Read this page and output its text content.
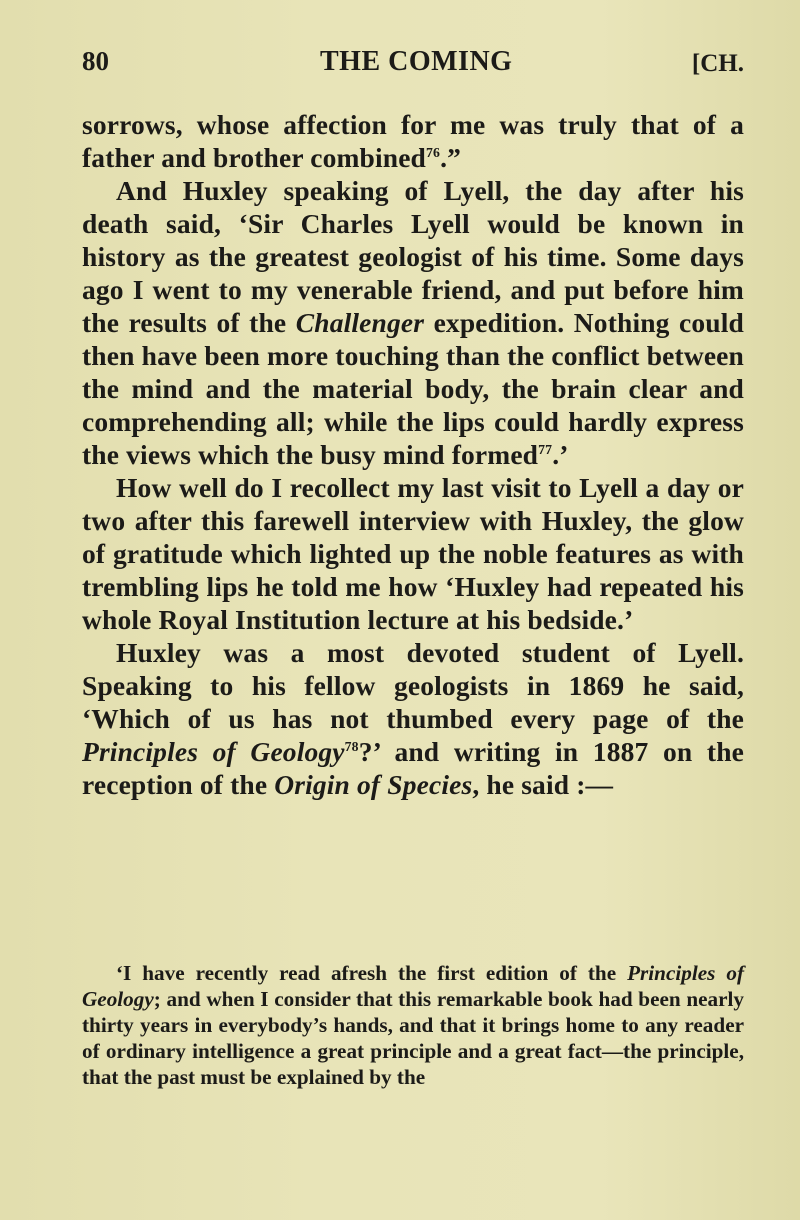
80	THE COMING	[CH.

sorrows, whose affection for me was truly that of a father and brother combined$^{76}$.”

And Huxley speaking of Lyell, the day after his death said, ‘Sir Charles Lyell would be known in history as the greatest geologist of his time. Some days ago I went to my venerable friend, and put before him the results of the Challenger expedition. Nothing could then have been more touching than the conflict between the mind and the material body, the brain clear and comprehending all; while the lips could hardly express the views which the busy mind formed$^{77}$.’

How well do I recollect my last visit to Lyell a day or two after this farewell interview with Huxley, the glow of gratitude which lighted up the noble features as with trembling lips he told me how ‘Huxley had repeated his whole Royal Institution lecture at his bedside.’

Huxley was a most devoted student of Lyell. Speaking to his fellow geologists in 1869 he said, ‘Which of us has not thumbed every page of the Principles of Geology$^{78}$?’ and writing in 1887 on the reception of the Origin of Species, he said :—

‘I have recently read afresh the first edition of the Principles of Geology; and when I consider that this remarkable book had been nearly thirty years in everybody’s hands, and that it brings home to any reader of ordinary intelligence a great principle and a great fact—the principle, that the past must be explained by the
